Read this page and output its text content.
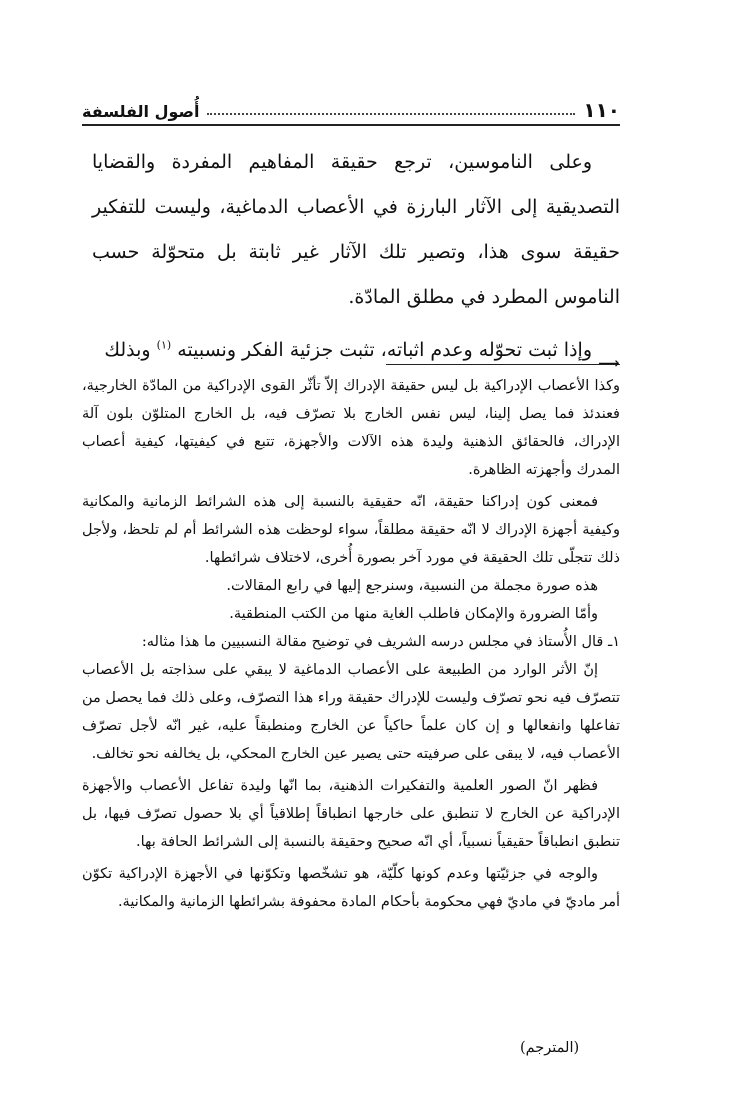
١١٠
أُصول الفلسفة

وعلى الناموسين، ترجع حقيقة المفاهيم المفردة والقضايا التصديقية إلى الآثار البارزة في الأعصاب الدماغية، وليست للتفكير حقيقة سوى هذا، وتصير تلك الآثار غير ثابتة بل متحوّلة حسب الناموس المطرد في مطلق المادّة.

وإذا ثبت تحوّله وعدم اثباته، تثبت جزئية الفكر ونسبيته $^{(١)}$ وبذلك

⟶

وكذا الأعصاب الإدراكية بل ليس حقيقة الإدراك إلاّ تأثّر القوى الإدراكية من المادّة الخارجية، فعندئذ فما يصل إلينا، ليس نفس الخارج بلا تصرّف فيه، بل الخارج المتلوّن بلون آلة الإدراك، فالحقائق الذهنية وليدة هذه الآلات والأجهزة، تتبع في كيفيتها، كيفية أعصاب المدرك وأجهزته الظاهرة.

فمعنى كون إدراكنا حقيقة، انّه حقيقية بالنسبة إلى هذه الشرائط الزمانية والمكانية وكيفية أجهزة الإدراك لا انّه حقيقة مطلقاً، سواء لوحظت هذه الشرائط أم لم تلحظ، ولأجل ذلك تتجلّى تلك الحقيقة في مورد آخر بصورة أُخرى، لاختلاف شرائطها.

هذه صورة مجملة من النسبية، وسنرجع إليها في رابع المقالات.

وأمّا الضرورة والإمكان فاطلب الغاية منها من الكتب المنطقية.

١ـ قال الأُستاذ في مجلس درسه الشريف في توضيح مقالة النسبيين ما هذا مثاله:

إنّ الأثر الوارد من الطبيعة على الأعصاب الدماغية لا يبقي على سذاجته بل الأعصاب تتصرّف فيه نحو تصرّف وليست للإدراك حقيقة وراء هذا التصرّف، وعلى ذلك فما يحصل من تفاعلها وانفعالها و إن كان علماً حاكياً عن الخارج ومنطبقاً عليه، غير انّه لأجل تصرّف الأعصاب فيه، لا يبقى على صرفيته حتى يصير عين الخارج المحكي، بل يخالفه نحو تخالف.

فظهر انّ الصور العلمية والتفكيرات الذهنية، بما انّها وليدة تفاعل الأعصاب والأجهزة الإدراكية عن الخارج لا تنطبق على خارجها انطباقاً إطلاقياً أي بلا حصول تصرّف فيها، بل تنطبق انطباقاً حقيقياً نسبياً، أي انّه صحيح وحقيقة بالنسبة إلى الشرائط الحافة بها.

والوجه في جزئيّتها وعدم كونها كلّيّة، هو تشخّصها وتكوّنها في الأجهزة الإدراكية تكوّن أمر ماديّ في ماديّ فهي محكومة بأحكام المادة محفوفة بشرائطها الزمانية والمكانية.

(المترجم)
